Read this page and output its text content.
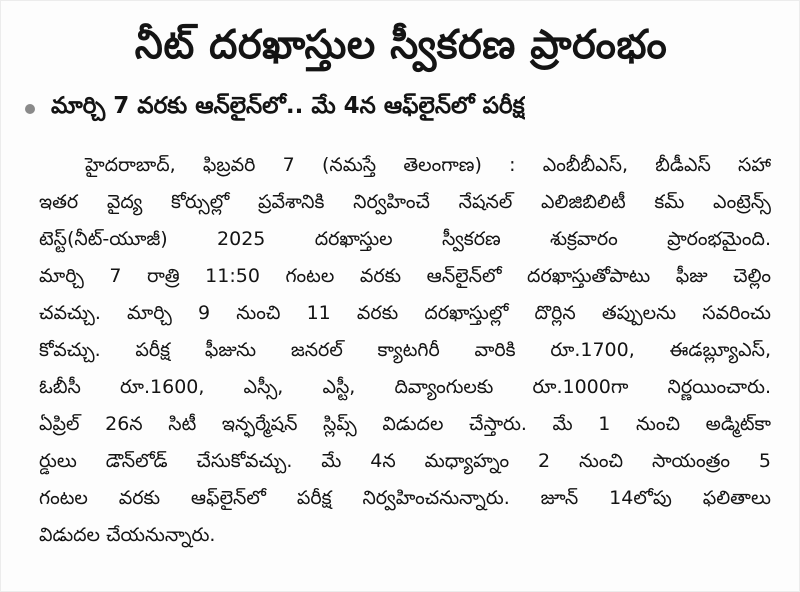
నీట్ దరఖాస్తుల స్వీకరణ ప్రారంభం
మార్చి 7 వరకు ఆన్‌లైన్‌లో.. మే 4న ఆఫ్‌లైన్‌లో పరీక్ష
హైదరాబాద్, ఫిబ్రవరి 7 (నమస్తే తెలంగాణ) : ఎంబీబీఎస్, బీడీఎస్ సహా
ఇతర వైద్య కోర్సుల్లో ప్రవేశానికి నిర్వహించే నేషనల్ ఎలిజిబిలిటీ కమ్ ఎంట్రెన్స్
టెస్ట్(నీట్-యూజీ) 2025 దరఖాస్తుల స్వీకరణ శుక్రవారం ప్రారంభమైంది.
మార్చి 7 రాత్రి 11:50 గంటల వరకు ఆన్‌లైన్‌లో దరఖాస్తుతోపాటు ఫీజు చెల్లిం
చవచ్చు. మార్చి 9 నుంచి 11 వరకు దరఖాస్తుల్లో దొర్లిన తప్పులను సవరించు
కోవచ్చు. పరీక్ష ఫీజును జనరల్ క్యాటగిరీ వారికి రూ.1700, ఈడబ్ల్యూఎస్,
ఓబీసీ రూ.1600, ఎస్సీ, ఎస్టీ, దివ్యాంగులకు రూ.1000గా నిర్ణయించారు.
ఏప్రిల్ 26న సిటీ ఇన్ఫర్మేషన్ స్లిప్స్ విడుదల చేస్తారు. మే 1 నుంచి అడ్మిట్‌కా
ర్డులు డౌన్‌లోడ్ చేసుకోవచ్చు. మే 4న మధ్యాహ్నం 2 నుంచి సాయంత్రం 5
గంటల వరకు ఆఫ్‌లైన్‌లో పరీక్ష నిర్వహించనున్నారు. జూన్ 14లోపు ఫలితాలు
విడుదల చేయనున్నారు.
